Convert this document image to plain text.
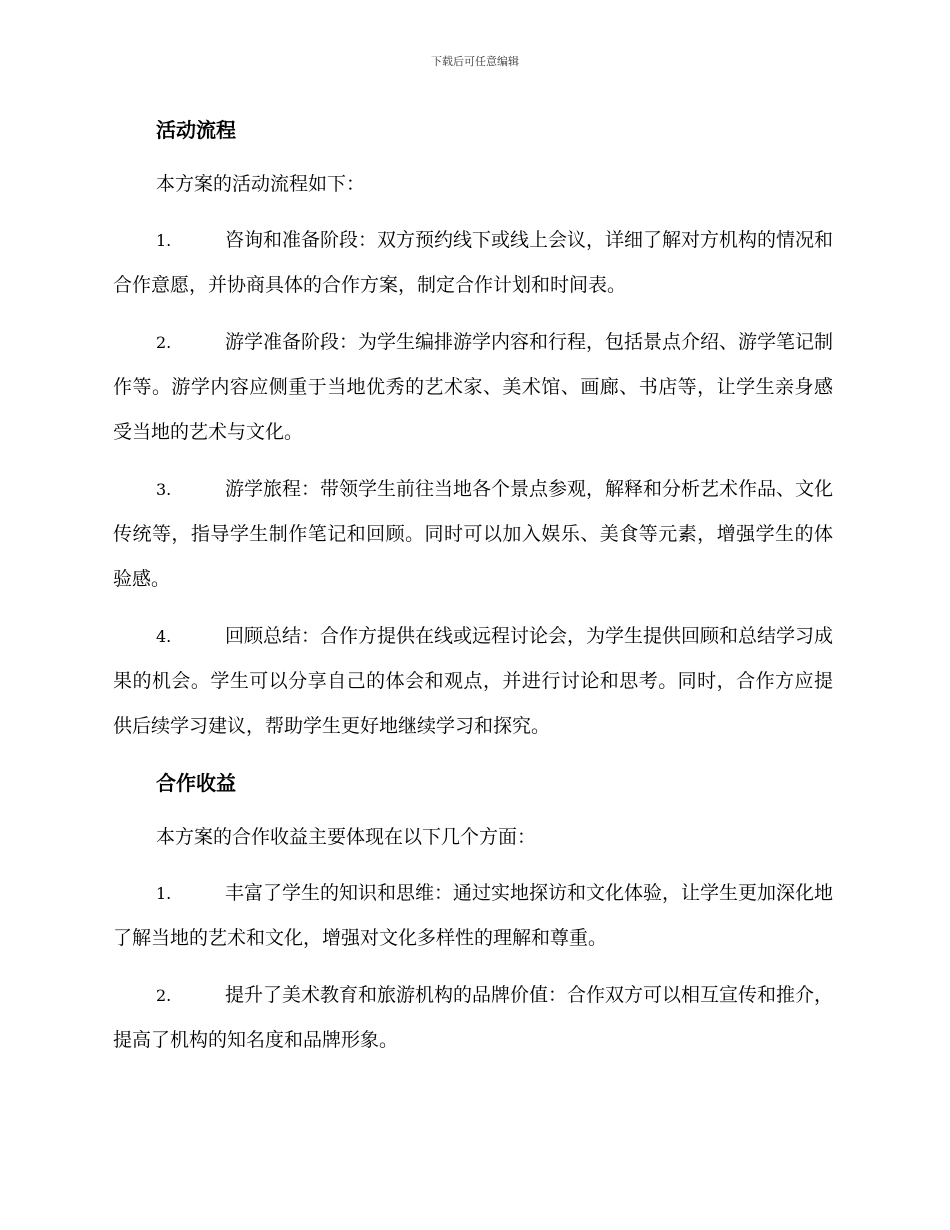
下载后可任意编辑
活动流程

本方案的活动流程如下：

1.	咨询和准备阶段：双方预约线下或线上会议，详细了解对方机构的情况和合作意愿，并协商具体的合作方案，制定合作计划和时间表。

2.	游学准备阶段：为学生编排游学内容和行程，包括景点介绍、游学笔记制作等。游学内容应侧重于当地优秀的艺术家、美术馆、画廊、书店等，让学生亲身感受当地的艺术与文化。

3.	游学旅程：带领学生前往当地各个景点参观，解释和分析艺术作品、文化传统等，指导学生制作笔记和回顾。同时可以加入娱乐、美食等元素，增强学生的体验感。

4.	回顾总结：合作方提供在线或远程讨论会，为学生提供回顾和总结学习成果的机会。学生可以分享自己的体会和观点，并进行讨论和思考。同时，合作方应提供后续学习建议，帮助学生更好地继续学习和探究。

合作收益

本方案的合作收益主要体现在以下几个方面：

1.	丰富了学生的知识和思维：通过实地探访和文化体验，让学生更加深化地了解当地的艺术和文化，增强对文化多样性的理解和尊重。

2.	提升了美术教育和旅游机构的品牌价值：合作双方可以相互宣传和推介，提高了机构的知名度和品牌形象。
